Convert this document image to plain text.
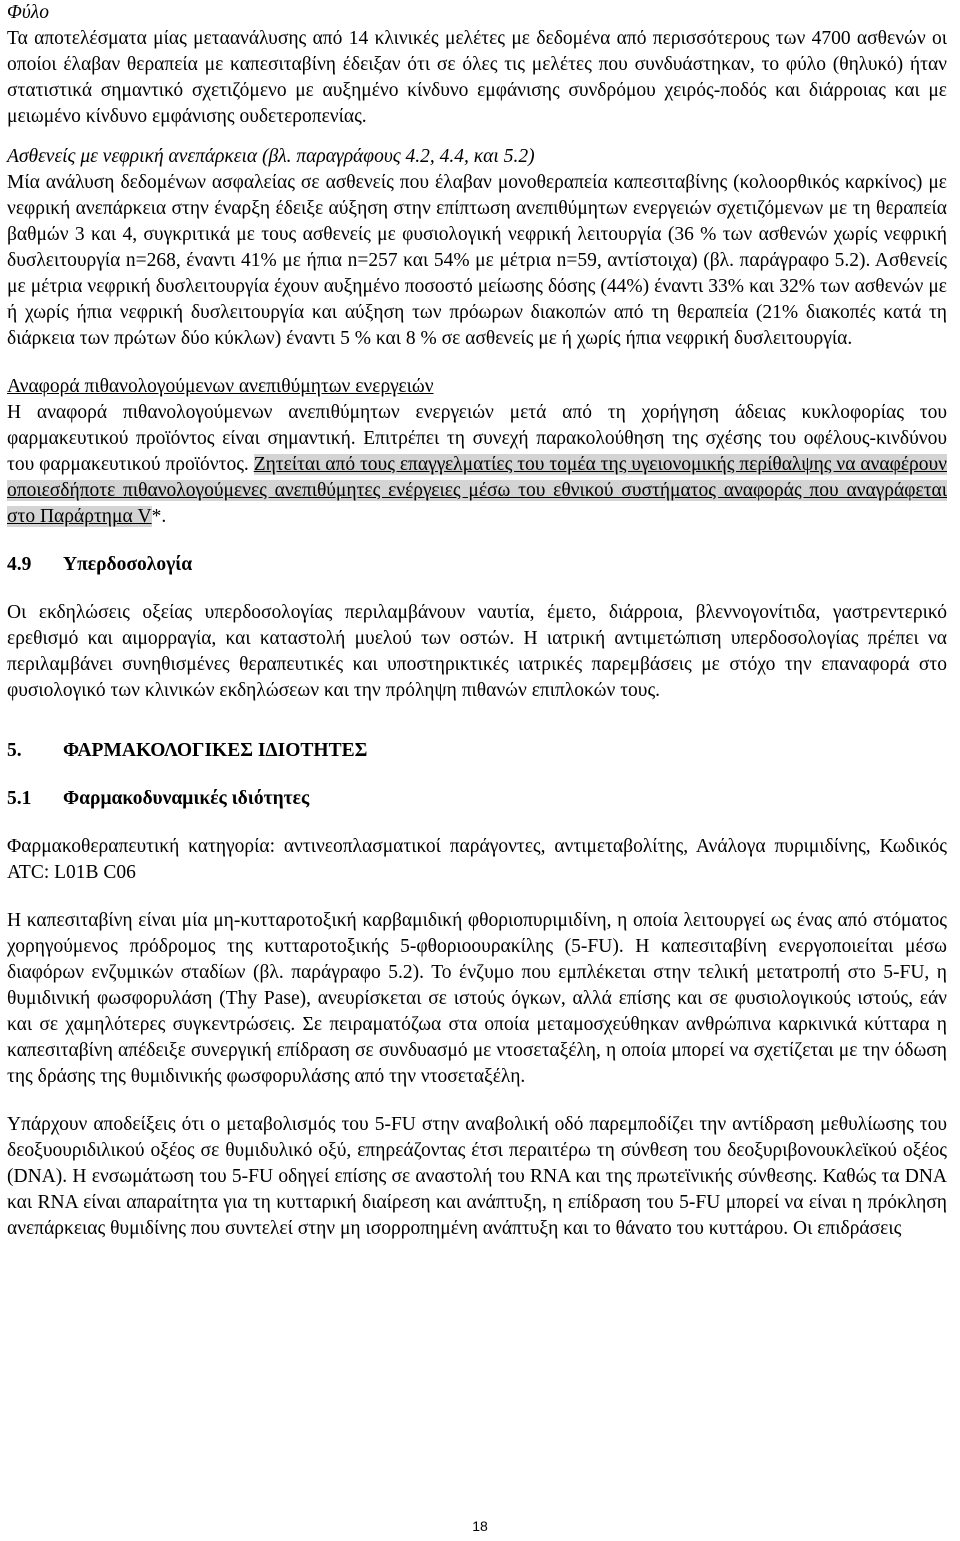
Φύλο

Τα αποτελέσματα μίας μεταανάλυσης από 14 κλινικές μελέτες με δεδομένα από περισσότερους των 4700 ασθενών οι οποίοι έλαβαν θεραπεία με καπεσιταβίνη έδειξαν ότι σε όλες τις μελέτες που συνδυάστηκαν, το φύλο (θηλυκό) ήταν στατιστικά σημαντικό σχετιζόμενο με αυξημένο κίνδυνο εμφάνισης συνδρόμου χειρός-ποδός και διάρροιας και με μειωμένο κίνδυνο εμφάνισης ουδετεροπενίας.

Ασθενείς με νεφρική ανεπάρκεια (βλ. παραγράφους 4.2, 4.4, και 5.2)

Μία ανάλυση δεδομένων ασφαλείας σε ασθενείς που έλαβαν μονοθεραπεία καπεσιταβίνης (κολοορθικός καρκίνος) με νεφρική ανεπάρκεια στην έναρξη έδειξε αύξηση στην επίπτωση ανεπιθύμητων ενεργειών σχετιζόμενων με τη θεραπεία βαθμών 3 και 4, συγκριτικά με τους ασθενείς με φυσιολογική νεφρική λειτουργία (36 % των ασθενών χωρίς νεφρική δυσλειτουργία n=268, έναντι 41% με ήπια n=257 και 54% με μέτρια n=59, αντίστοιχα) (βλ. παράγραφο 5.2). Ασθενείς με μέτρια νεφρική δυσλειτουργία έχουν αυξημένο ποσοστό μείωσης δόσης (44%) έναντι 33% και 32% των ασθενών με ή χωρίς ήπια νεφρική δυσλειτουργία και αύξηση των πρόωρων διακοπών από τη θεραπεία (21% διακοπές κατά τη διάρκεια των πρώτων δύο κύκλων) έναντι 5 % και 8 % σε ασθενείς με ή χωρίς ήπια νεφρική δυσλειτουργία.

Αναφορά πιθανολογούμενων ανεπιθύμητων ενεργειών

Η αναφορά πιθανολογούμενων ανεπιθύμητων ενεργειών μετά από τη χορήγηση άδειας κυκλοφορίας του φαρμακευτικού προϊόντος είναι σημαντική. Επιτρέπει τη συνεχή παρακολούθηση της σχέσης του οφέλους-κινδύνου του φαρμακευτικού προϊόντος. Ζητείται από τους επαγγελματίες του τομέα της υγειονομικής περίθαλψης να αναφέρουν οποιεσδήποτε πιθανολογούμενες ανεπιθύμητες ενέργειες μέσω του εθνικού συστήματος αναφοράς που αναγράφεται στο Παράρτημα V*.

4.9	Υπερδοσολογία

Οι εκδηλώσεις οξείας υπερδοσολογίας περιλαμβάνουν ναυτία, έμετο, διάρροια, βλεννογονίτιδα, γαστρεντερικό ερεθισμό και αιμορραγία, και καταστολή μυελού των οστών. Η ιατρική αντιμετώπιση υπερδοσολογίας πρέπει να περιλαμβάνει συνηθισμένες θεραπευτικές και υποστηρικτικές ιατρικές παρεμβάσεις με στόχο την επαναφορά στο φυσιολογικό των κλινικών εκδηλώσεων και την πρόληψη πιθανών επιπλοκών τους.

5.	ΦΑΡΜΑΚΟΛΟΓΙΚΕΣ ΙΔΙΟΤΗΤΕΣ
5.1	Φαρμακοδυναμικές ιδιότητες

Φαρμακοθεραπευτική κατηγορία: αντινεοπλασματικοί παράγοντες, αντιμεταβολίτης, Ανάλογα πυριμιδίνης, Κωδικός ATC: L01B C06

Η καπεσιταβίνη είναι μία μη-κυτταροτοξική καρβαμιδική φθοριοπυριμιδίνη, η οποία λειτουργεί ως ένας από στόματος χορηγούμενος πρόδρομος της κυτταροτοξικής 5-φθοριοουρακίλης (5-FU). Η καπεσιταβίνη ενεργοποιείται μέσω διαφόρων ενζυμικών σταδίων (βλ. παράγραφο 5.2). Το ένζυμο που εμπλέκεται στην τελική μετατροπή στο 5-FU, η θυμιδινική φωσφορυλάση (Thy Pase), ανευρίσκεται σε ιστούς όγκων, αλλά επίσης και σε φυσιολογικούς ιστούς, εάν και σε χαμηλότερες συγκεντρώσεις. Σε πειραματόζωα στα οποία μεταμοσχεύθηκαν ανθρώπινα καρκινικά κύτταρα η καπεσιταβίνη απέδειξε συνεργική επίδραση σε συνδυασμό με ντοσεταξέλη, η οποία μπορεί να σχετίζεται με την όδωση της δράσης της θυμιδινικής φωσφορυλάσης από την ντοσεταξέλη.

Υπάρχουν αποδείξεις ότι ο μεταβολισμός του 5-FU στην αναβολική οδό παρεμποδίζει την αντίδραση μεθυλίωσης του δεοξυουριδιλικού οξέος σε θυμιδυλικό οξύ, επηρεάζοντας έτσι περαιτέρω τη σύνθεση του δεοξυριβονουκλεϊκού οξέος (DNA). Η ενσωμάτωση του 5-FU οδηγεί επίσης σε αναστολή του RNA και της πρωτεϊνικής σύνθεσης. Καθώς τα DNA και RNA είναι απαραίτητα για τη κυτταρική διαίρεση και ανάπτυξη, η επίδραση του 5-FU μπορεί να είναι η πρόκληση ανεπάρκειας θυμιδίνης που συντελεί στην μη ισορροπημένη ανάπτυξη και το θάνατο του κυττάρου. Οι επιδράσεις

18
